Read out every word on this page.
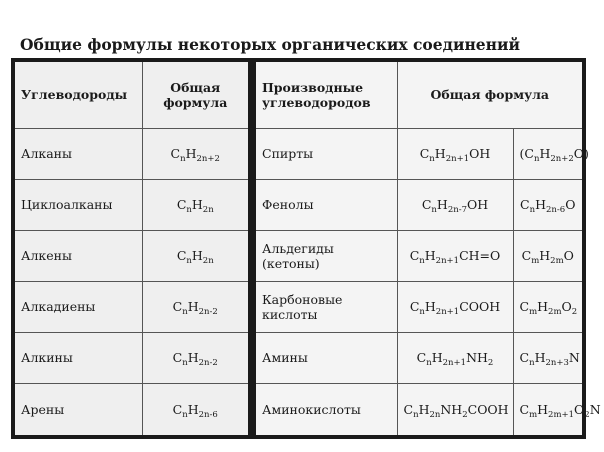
Общие формулы некоторых органических соединений
Углеводороды	Общая формула
Алканы	$C_nH_{2n+2}$
Циклоалканы	$C_nH_{2n}$
Алкены	$C_nH_{2n}$
Алкадиены	$C_nH_{2n-2}$
Алкины	$C_nH_{2n-2}$
Арены	$C_nH_{2n-6}$
Производные углеводородов	Общая формула	
Спирты	$C_nH_{2n+1}OH$	$(C_nH_{2n+2}O)$
Фенолы	$C_nH_{2n-7}OH$	$C_nH_{2n-6}O$
Альдегиды (кетоны)	$C_nH_{2n+1}CH=O$	$C_mH_{2m}O$
Карбоновые кислоты	$C_nH_{2n+1}COOH$	$C_mH_{2m}O_2$
Амины	$C_nH_{2n+1}NH_2$	$C_nH_{2n+3}N$
Аминокислоты	$C_nH_{2n}NH_2COOH$	$C_mH_{2m+1}O_2N$
